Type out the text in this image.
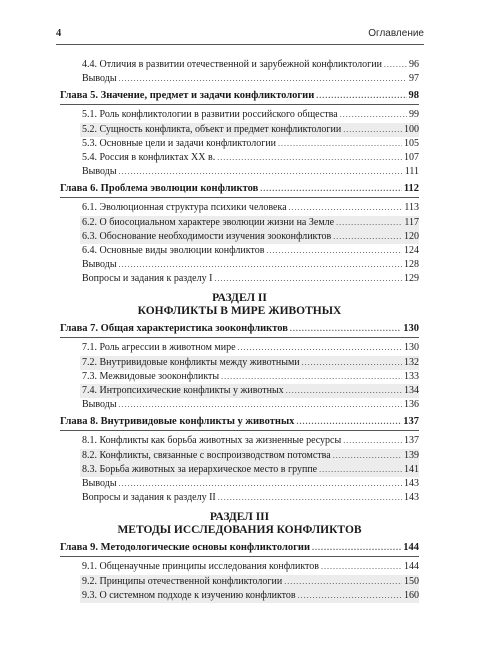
4	Оглавление
4.4. Отличия в развитии отечественной и зарубежной конфликтологии .....	96
Выводы .....	97
Глава 5. Значение, предмет и задачи конфликтологии .....	98
5.1. Роль конфликтологии в развитии российского общества .....	99
5.2. Сущность конфликта, объект и предмет конфликтологии .....	100
5.3. Основные цели и задачи конфликтологии .....	105
5.4. Россия в конфликтах XX в. .....	107
Выводы .....	111
Глава 6. Проблема эволюции конфликтов .....	112
6.1. Эволюционная структура психики человека .....	113
6.2. О биосоциальном характере эволюции жизни на Земле .....	117
6.3. Обоснование необходимости изучения зооконфликтов .....	120
6.4. Основные виды эволюции конфликтов .....	124
Выводы .....	128
Вопросы и задания к разделу I .....	129
РАЗДЕЛ II
КОНФЛИКТЫ В МИРЕ ЖИВОТНЫХ
Глава 7. Общая характеристика зооконфликтов .....	130
7.1. Роль агрессии в животном мире .....	130
7.2. Внутривидовые конфликты между животными .....	132
7.3. Межвидовые зооконфликты .....	133
7.4. Интропсихические конфликты у животных .....	134
Выводы .....	136
Глава 8. Внутривидовые конфликты у животных .....	137
8.1. Конфликты как борьба животных за жизненные ресурсы .....	137
8.2. Конфликты, связанные с воспроизводством потомства .....	139
8.3. Борьба животных за иерархическое место в группе .....	141
Выводы .....	143
Вопросы и задания к разделу II .....	143
РАЗДЕЛ III
МЕТОДЫ ИССЛЕДОВАНИЯ КОНФЛИКТОВ
Глава 9. Методологические основы конфликтологии .....	144
9.1. Общенаучные принципы исследования конфликтов .....	144
9.2. Принципы отечественной конфликтологии .....	150
9.3. О системном подходе к изучению конфликтов .....	160
